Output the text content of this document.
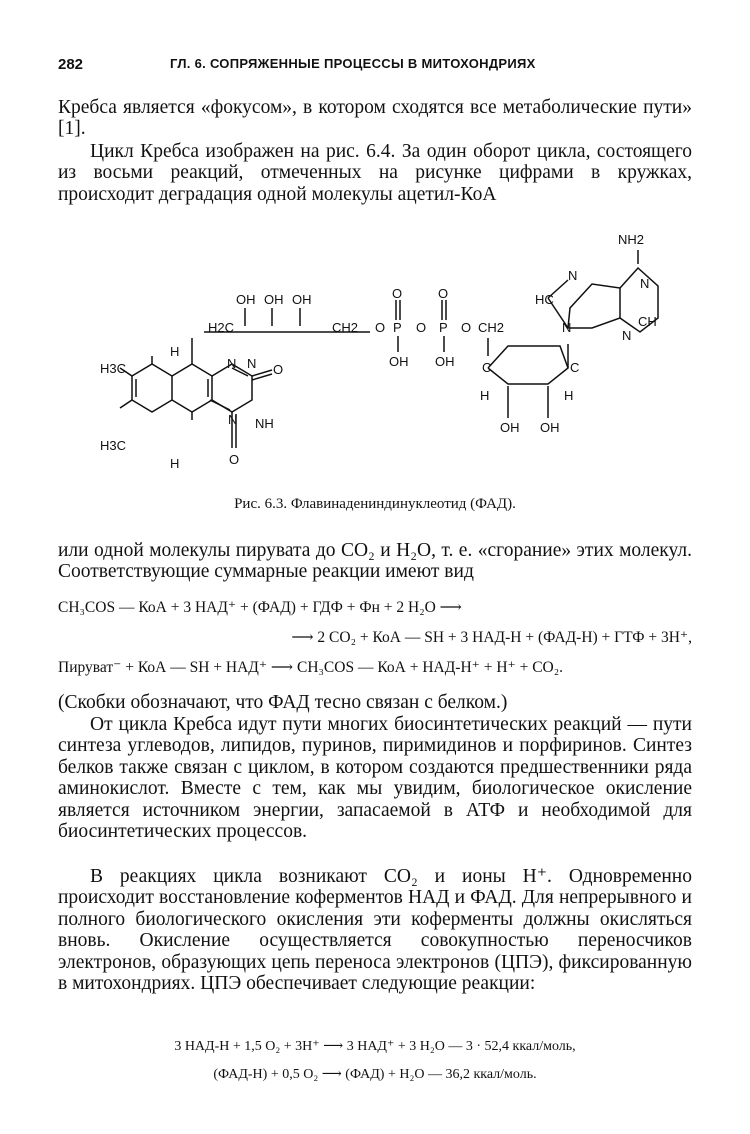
282	ГЛ. 6. СОПРЯЖЕННЫЕ ПРОЦЕССЫ В МИТОХОНДРИЯХ
Кребса является «фокусом», в котором сходятся все метаболические пути» [1].
Цикл Кребса изображен на рис. 6.4. За один оборот цикла, состоящего из восьми реакций, отмеченных на рисунке цифрами в кружках, происходит деградация одной молекулы ацетил-КоА
H3C
H3C
H
H
N N
NH
N
O
O
H2C
OH OH OH
CH2 O P O P O
O	O
OH OH
CH2
C	C
H	H
OH OH
NH2
N
HC
N
N
CH
N
Рис. 6.3. Флавинадениндинуклеотид (ФАД).
или одной молекулы пирувата до CO₂ и H₂O, т. е. «сгорание» этих молекул. Соответствующие суммарные реакции имеют вид
CH₃COS — КоА + 3 НАД⁺ + (ФАД) + ГДФ + Фн + 2 H₂O ⟶
⟶ 2 CO₂ + КоА — SH + 3 НАД-H + (ФАД-H) + ГТФ + 3H⁺,
Пируват⁻ + КоА — SH + НАД⁺ ⟶ CH₃COS — КоА + НАД-H⁺ + H⁺ + CO₂.
(Скобки обозначают, что ФАД тесно связан с белком.)
От цикла Кребса идут пути многих биосинтетических реакций — пути синтеза углеводов, липидов, пуринов, пиримидинов и порфиринов. Синтез белков также связан с циклом, в котором создаются предшественники ряда аминокислот. Вместе с тем, как мы увидим, биологическое окисление является источником энергии, запасаемой в АТФ и необходимой для биосинтетических процессов.
В реакциях цикла возникают CO₂ и ионы H⁺. Одновременно происходит восстановление коферментов НАД и ФАД. Для непрерывного и полного биологического окисления эти коферменты должны окисляться вновь. Окисление осуществляется совокупностью переносчиков электронов, образующих цепь переноса электронов (ЦПЭ), фиксированную в митохондриях. ЦПЭ обеспечивает следующие реакции:
3 НАД-H + 1,5 O₂ + 3H⁺ ⟶ 3 НАД⁺ + 3 H₂O — 3 · 52,4 ккал/моль,
(ФАД-H) + 0,5 O₂ ⟶ (ФАД) + H₂O — 36,2 ккал/моль.
